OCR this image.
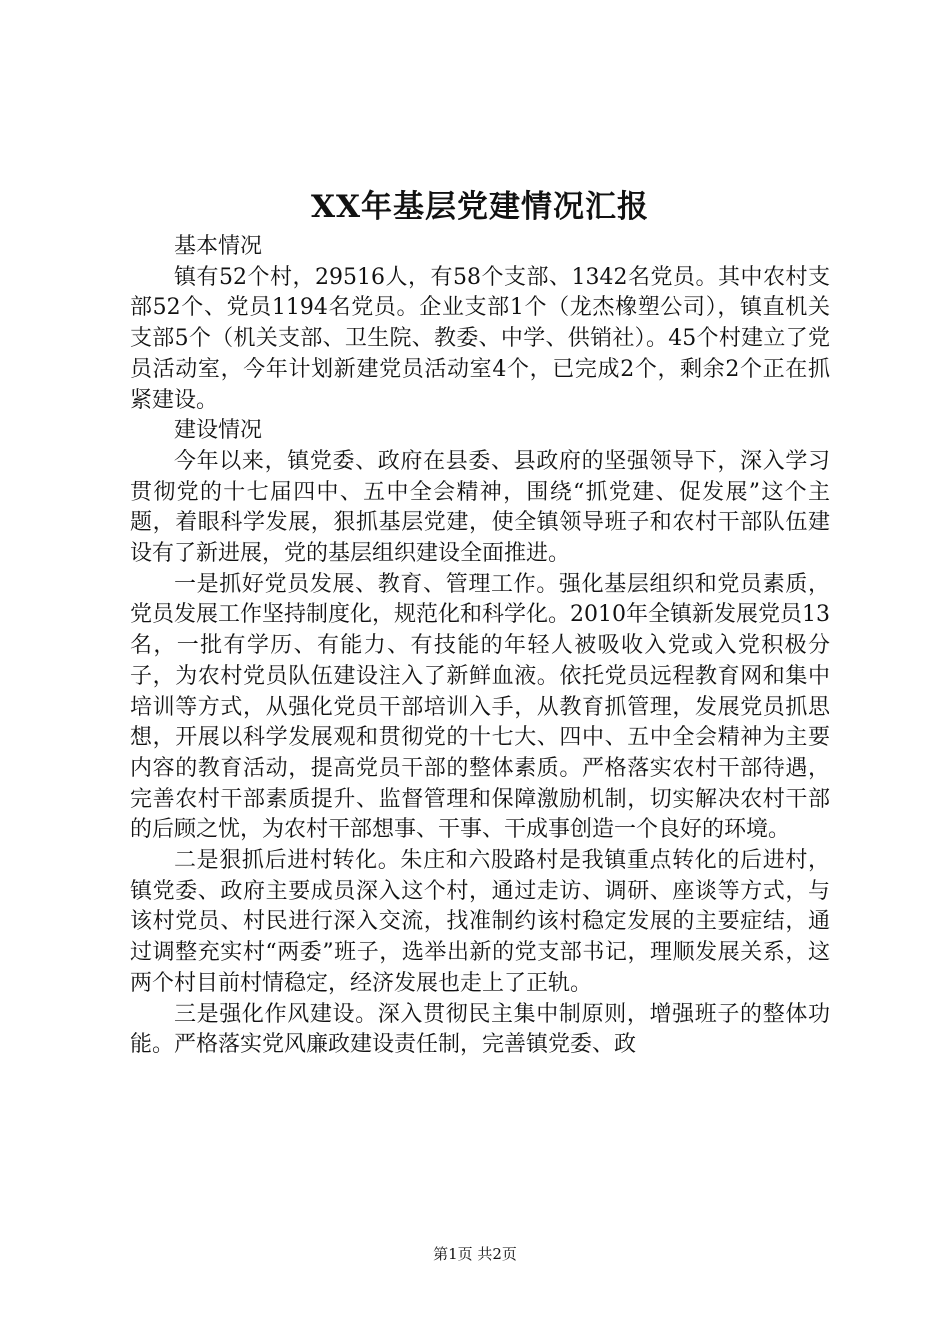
XX年基层党建情况汇报

基本情况

镇有52个村，29516人，有58个支部、1342名党员。其中农村支部52个、党员1194名党员。企业支部1个（龙杰橡塑公司），镇直机关支部5个（机关支部、卫生院、教委、中学、供销社）。45个村建立了党员活动室，今年计划新建党员活动室4个，已完成2个，剩余2个正在抓紧建设。

建设情况

今年以来，镇党委、政府在县委、县政府的坚强领导下，深入学习贯彻党的十七届四中、五中全会精神，围绕“抓党建、促发展”这个主题，着眼科学发展，狠抓基层党建，使全镇领导班子和农村干部队伍建设有了新进展，党的基层组织建设全面推进。

一是抓好党员发展、教育、管理工作。强化基层组织和党员素质，党员发展工作坚持制度化，规范化和科学化。2010年全镇新发展党员13名，一批有学历、有能力、有技能的年轻人被吸收入党或入党积极分子，为农村党员队伍建设注入了新鲜血液。依托党员远程教育网和集中培训等方式，从强化党员干部培训入手，从教育抓管理，发展党员抓思想，开展以科学发展观和贯彻党的十七大、四中、五中全会精神为主要内容的教育活动，提高党员干部的整体素质。严格落实农村干部待遇，完善农村干部素质提升、监督管理和保障激励机制，切实解决农村干部的后顾之忧，为农村干部想事、干事、干成事创造一个良好的环境。

二是狠抓后进村转化。朱庄和六股路村是我镇重点转化的后进村，镇党委、政府主要成员深入这个村，通过走访、调研、座谈等方式，与该村党员、村民进行深入交流，找准制约该村稳定发展的主要症结，通过调整充实村“两委”班子，选举出新的党支部书记，理顺发展关系，这两个村目前村情稳定，经济发展也走上了正轨。

三是强化作风建设。深入贯彻民主集中制原则，增强班子的整体功能。严格落实党风廉政建设责任制，完善镇党委、政

第1页 共2页
